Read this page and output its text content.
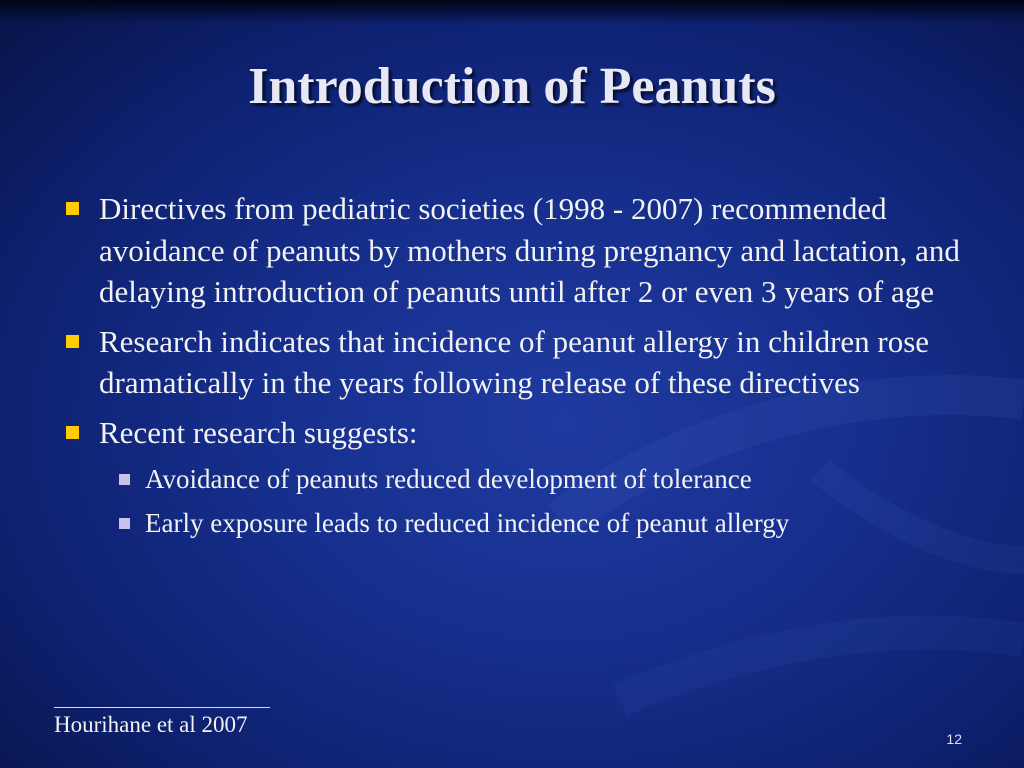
Introduction of Peanuts
Directives from pediatric societies (1998 - 2007) recommended avoidance of peanuts by mothers during pregnancy and lactation, and delaying introduction of peanuts until after 2 or even 3 years of age
Research indicates that incidence of peanut allergy in children rose dramatically in the years following release of these directives
Recent research suggests:
Avoidance of peanuts reduced development of tolerance
Early exposure leads to reduced incidence of peanut allergy
Hourihane et al 2007
12
